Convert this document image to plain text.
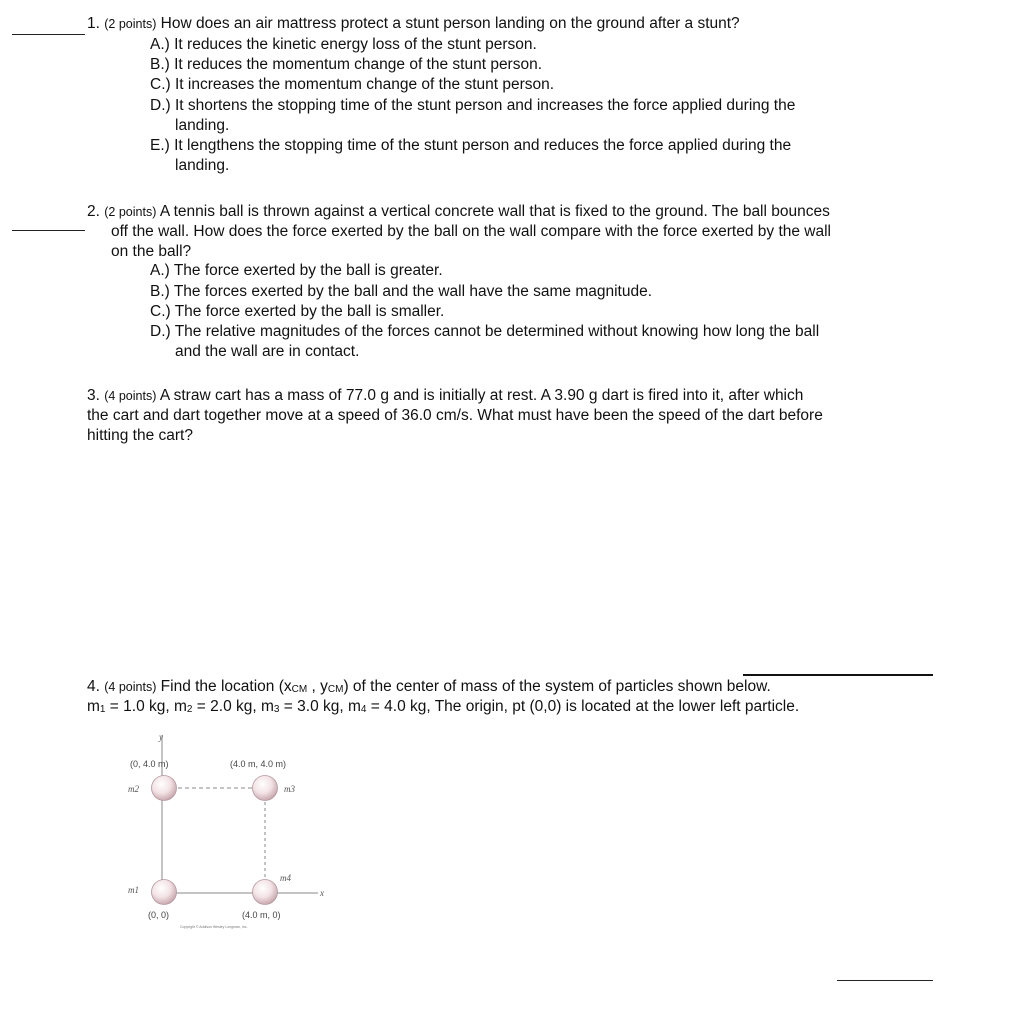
1. (2 points) How does an air mattress protect a stunt person landing on the ground after a stunt?
A.) It reduces the kinetic energy loss of the stunt person.
B.) It reduces the momentum change of the stunt person.
C.) It increases the momentum change of the stunt person.
D.) It shortens the stopping time of the stunt person and increases the force applied during the
landing.
E.) It lengthens the stopping time of the stunt person and reduces the force applied during the
landing.
2. (2 points) A tennis ball is thrown against a vertical concrete wall that is fixed to the ground. The ball bounces
off the wall. How does the force exerted by the ball on the wall compare with the force exerted by the wall
on the ball?
A.) The force exerted by the ball is greater.
B.) The forces exerted by the ball and the wall have the same magnitude.
C.) The force exerted by the ball is smaller.
D.) The relative magnitudes of the forces cannot be determined without knowing how long the ball
and the wall are in contact.
3. (4 points) A straw cart has a mass of 77.0 g and is initially at rest. A 3.90 g dart is fired into it, after which
the cart and dart together move at a speed of 36.0 cm/s. What must have been the speed of the dart before
hitting the cart?
4. (4 points) Find the location ($x_{CM}$ , $y_{CM}$) of the center of mass of the system of particles shown below.
$m_1 = 1.0$ kg, $m_2 = 2.0$ kg, $m_3 = 3.0$ kg, $m_4 = 4.0$ kg, The origin, pt (0,0) is located at the lower left particle.
y
x
(0, 4.0 m)	(4.0 m, 4.0 m)
(0, 0)	(4.0 m, 0)
m2	m3
m1
m4
Copyright © Addison Wesley Longman, Inc.
